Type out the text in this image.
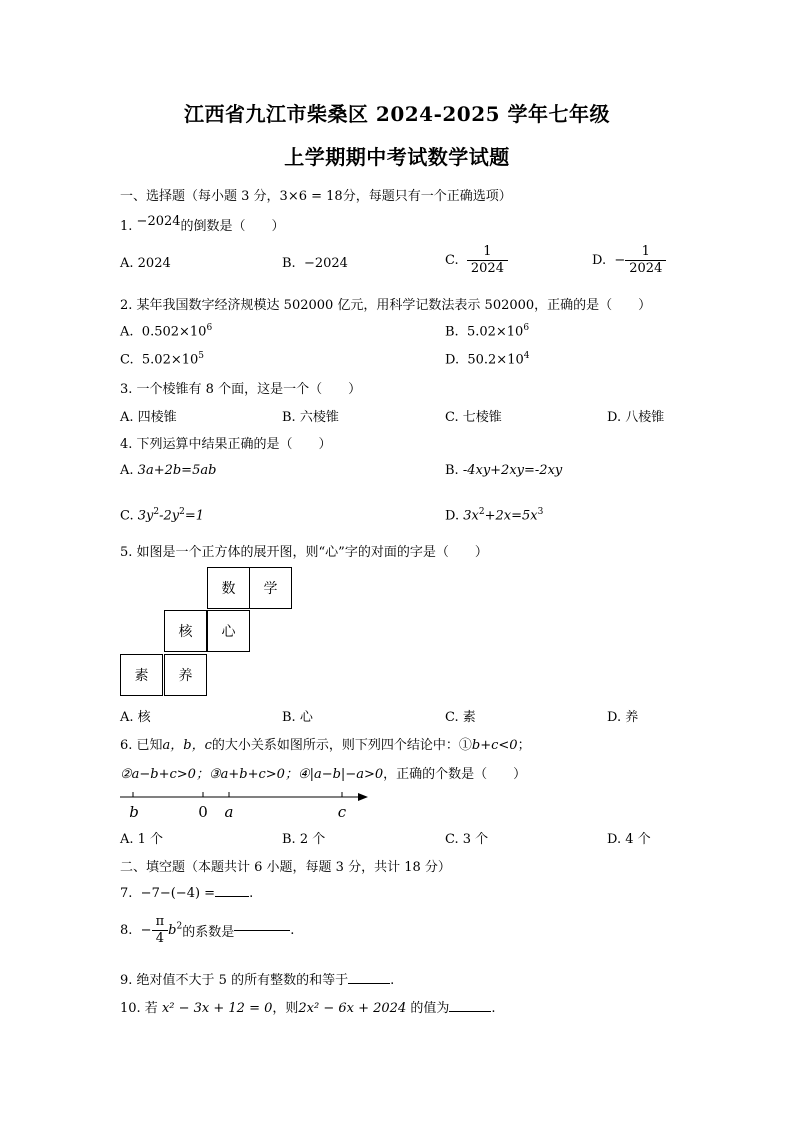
江西省九江市柴桑区 2024-2025 学年七年级
上学期期中考试数学试题
一、选择题（每小题 3 分，3×6 = 18分，每题只有一个正确选项）
1. −2024的倒数是（　　）
A. 2024	B. −2024	C. $\frac{1}{2024}$	D. − $\frac{1}{2024}$
2. 某年我国数字经济规模达 502000 亿元，用科学记数法表示 502000，正确的是（　　）
A. $0.502\times 10^6$	B. $5.02\times 10^6$
C. $5.02\times 10^5$	D. $50.2\times 10^4$
3. 一个棱锥有 8 个面，这是一个（　　）
A. 四棱锥	B. 六棱锥	C. 七棱锥	D. 八棱锥
4. 下列运算中结果正确的是（　　）
A. 3a+2b=5ab	B. -4xy+2xy=-2xy
C. $3y^2-2y^2=1$	D. $3x^2+2x=5x^3$
5. 如图是一个正方体的展开图，则“心”字的对面的字是（　　）
数	学
核	心
素	养
A. 核	B. 心	C. 素	D. 养
6. 已知a，b，c的大小关系如图所示，则下列四个结论中：①b+c<0；
②a−b+c>0；③a+b+c>0；④|a−b|−a>0，正确的个数是（　　）
b	0 a	c
A. 1 个	B. 2 个	C. 3 个	D. 4 个
二、填空题（本题共计 6 小题，每题 3 分，共计 18 分）
7. −7−(−4) =	.
8. − $\frac{\pi}{4} b^2$的系数是	.
9. 绝对值不大于 5 的所有整数的和等于	.
10. 若 x² − 3x + 12 = 0，则2x² − 6x + 2024 的值为	.
